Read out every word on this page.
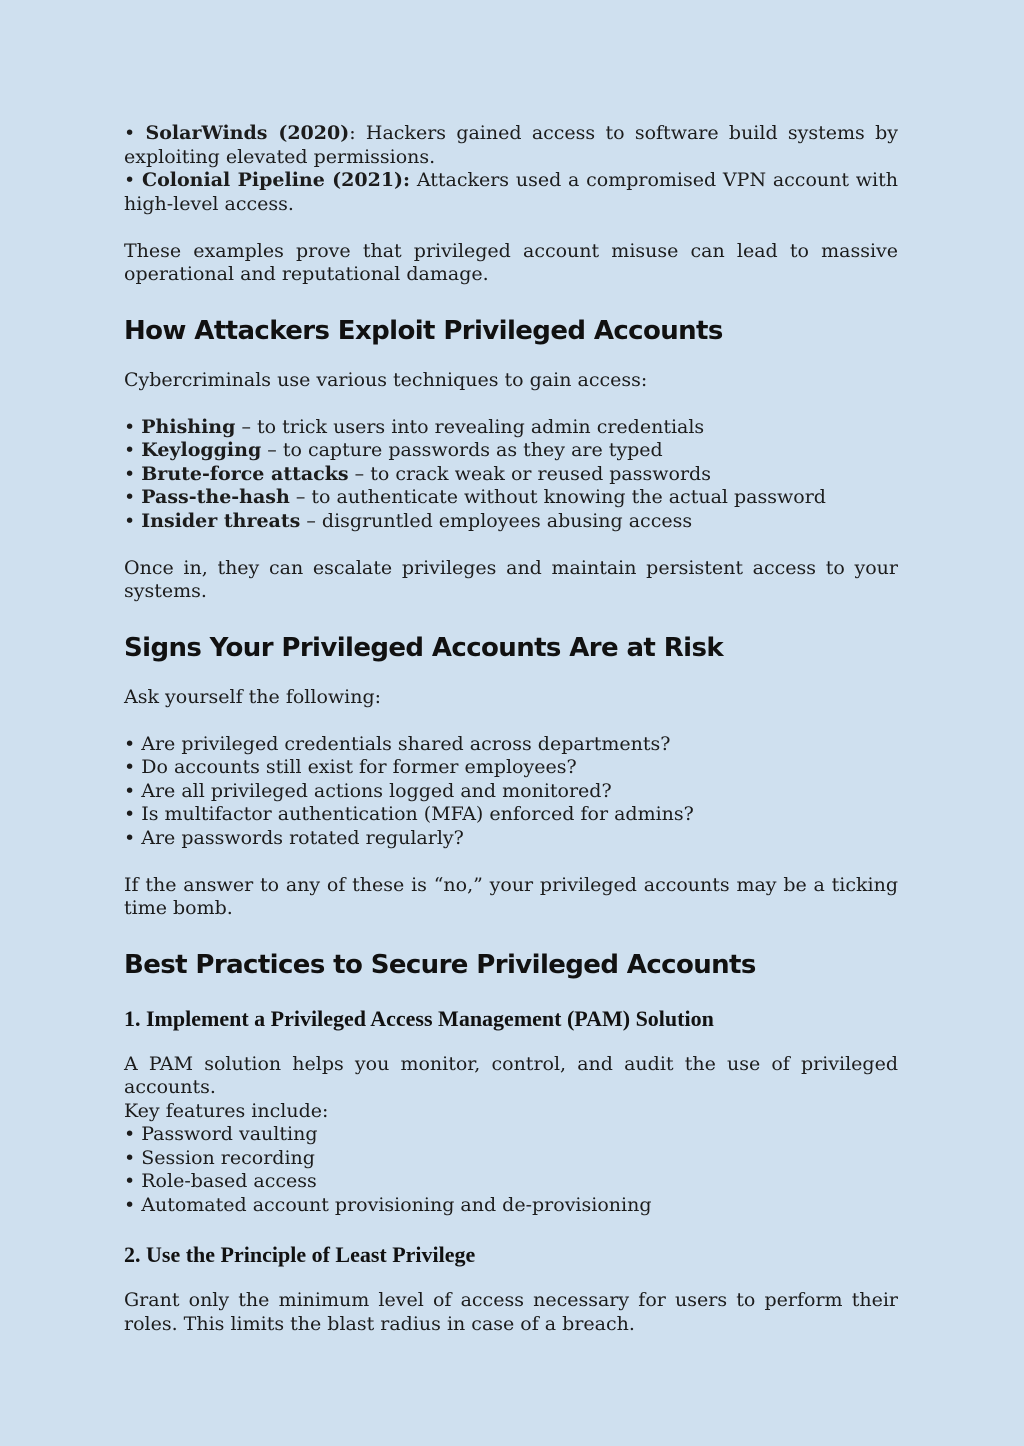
• SolarWinds (2020): Hackers gained access to software build systems by exploiting elevated permissions.

• Colonial Pipeline (2021): Attackers used a compromised VPN account with high-level access.

These examples prove that privileged account misuse can lead to massive operational and reputational damage.

How Attackers Exploit Privileged Accounts

Cybercriminals use various techniques to gain access:

• Phishing – to trick users into revealing admin credentials
• Keylogging – to capture passwords as they are typed
• Brute-force attacks – to crack weak or reused passwords
• Pass-the-hash – to authenticate without knowing the actual password
• Insider threats – disgruntled employees abusing access

Once in, they can escalate privileges and maintain persistent access to your systems.

Signs Your Privileged Accounts Are at Risk

Ask yourself the following:

• Are privileged credentials shared across departments?
• Do accounts still exist for former employees?
• Are all privileged actions logged and monitored?
• Is multifactor authentication (MFA) enforced for admins?
• Are passwords rotated regularly?

If the answer to any of these is “no,” your privileged accounts may be a ticking time bomb.

Best Practices to Secure Privileged Accounts
1. Implement a Privileged Access Management (PAM) Solution

A PAM solution helps you monitor, control, and audit the use of privileged accounts.

Key features include:

• Password vaulting
• Session recording
• Role-based access
• Automated account provisioning and de-provisioning
2. Use the Principle of Least Privilege

Grant only the minimum level of access necessary for users to perform their roles. This limits the blast radius in case of a breach.
